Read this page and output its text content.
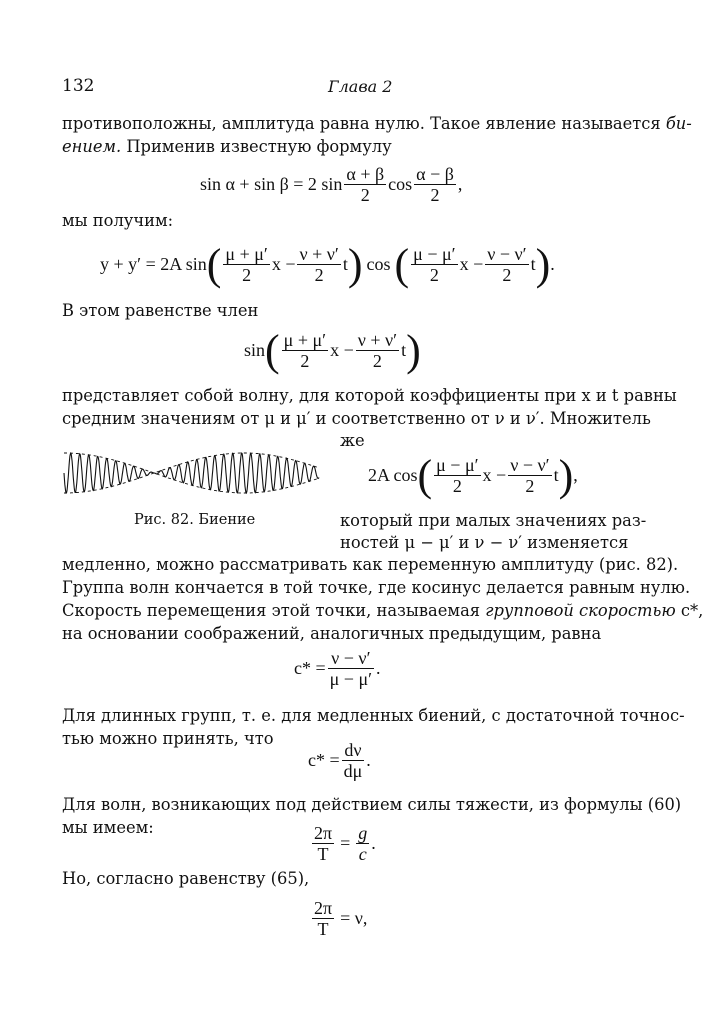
132	Глава 2
противоположны, амплитуда равна нулю. Такое явление называется би-
ением. Применив известную формулу
sin α + sin β = 2 $\sin \frac{\alpha + \beta}{2}$ $\cos \frac{\alpha - \beta}{2}$ ,
мы получим:
y + y′ = 2A sin ( $\frac{\mu + \mu'}{2}$ $x - \frac{\nu + \nu'}{2}$ t ) cos ( $\frac{\mu - \mu'}{2}$ $x - \frac{\nu - \nu'}{2}$ t ) .
В этом равенстве член
sin ( $\frac{\mu + \mu'}{2}$ $x - \frac{\nu + \nu'}{2}$ t )
представляет собой волну, для которой коэффициенты при x и t равны
средним значениям от μ и μ′ и соответственно от ν и ν′. Множитель
же
Рис. 82. Биение
2A cos ( $\frac{\mu - \mu'}{2}$ $x - \frac{\nu - \nu'}{2}$ t ) ,
который при малых значениях раз-
ностей μ − μ′ и ν − ν′ изменяется
медленно, можно рассматривать как переменную амплитуду (рис. 82).
Группа волн кончается в той точке, где косинус делается равным нулю.
Скорость перемещения этой точки, называемая групповой скоростью c*,
на основании соображений, аналогичных предыдущим, равна
$c* = \frac{\nu - \nu'}{\mu - \mu'}$ .
Для длинных групп, т. е. для медленных биений, с достаточной точнос-
тью можно принять, что
$c* = \frac{d\nu}{d\mu}$ .
Для волн, возникающих под действием силы тяжести, из формулы (60)
мы имеем:	$\frac{2\pi}{T} = \frac{g}{c}$ .
Но, согласно равенству (65),
$\frac{2\pi}{T} = \nu$,
